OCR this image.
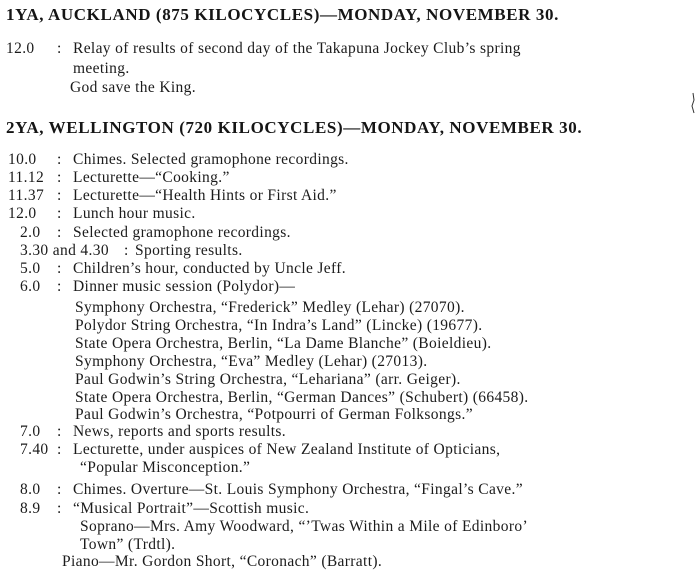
1YA, AUCKLAND (875 KILOCYCLES)—MONDAY, NOVEMBER 30.
12.0 : Relay of results of second day of the Takapuna Jockey Club’s spring
meeting.
God save the King.
2YA, WELLINGTON (720 KILOCYCLES)—MONDAY, NOVEMBER 30.
10.0 : Chimes. Selected gramophone recordings.
11.12 : Lecturette—“Cooking.”
11.37 : Lecturette—“Health Hints or First Aid.”
12.0 : Lunch hour music.
2.0 : Selected gramophone recordings.
3.30 and 4.30 : Sporting results.
5.0 : Children’s hour, conducted by Uncle Jeff.
6.0 : Dinner music session (Polydor)—
Symphony Orchestra, “Frederick” Medley (Lehar) (27070).
Polydor String Orchestra, “In Indra’s Land” (Lincke) (19677).
State Opera Orchestra, Berlin, “La Dame Blanche” (Boieldieu).
Symphony Orchestra, “Eva” Medley (Lehar) (27013).
Paul Godwin’s String Orchestra, “Lehariana” (arr. Geiger).
State Opera Orchestra, Berlin, “German Dances” (Schubert) (66458).
Paul Godwin’s Orchestra, “Potpourri of German Folksongs.”
7.0 : News, reports and sports results.
7.40 : Lecturette, under auspices of New Zealand Institute of Opticians,
“Popular Misconception.”
8.0 : Chimes. Overture—St. Louis Symphony Orchestra, “Fingal’s Cave.”
8.9 : “Musical Portrait”—Scottish music.
Soprano—Mrs. Amy Woodward, “’Twas Within a Mile of Edinboro’
Town” (Trdtl).
Piano—Mr. Gordon Short, “Coronach” (Barratt).
